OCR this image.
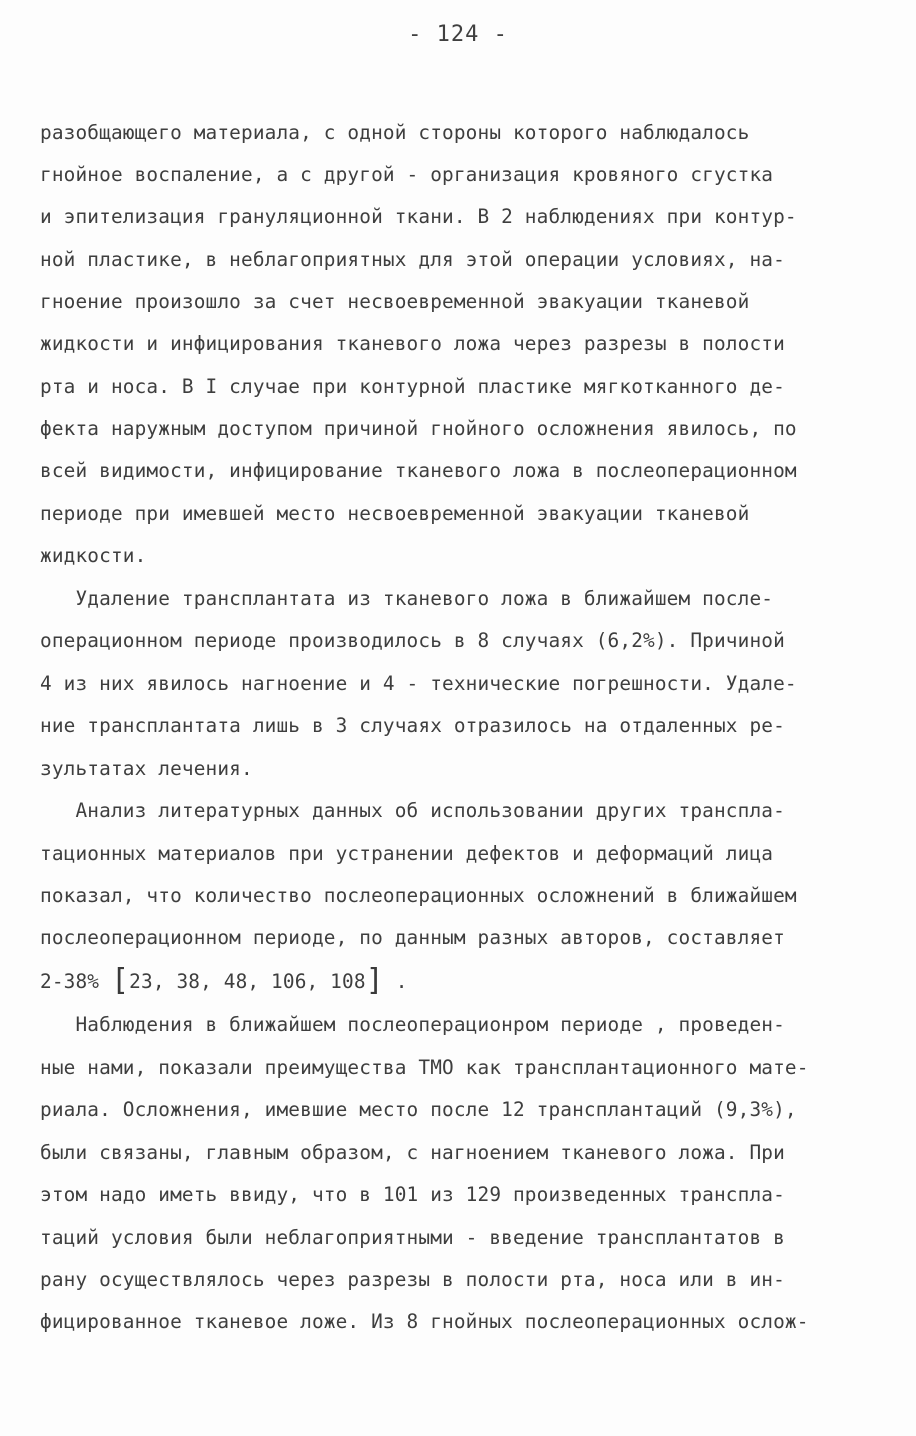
- 124 -
разобщающего материала, с одной стороны которого наблюдалось
гнойное воспаление, а с другой - организация кровяного сгустка
и эпителизация грануляционной ткани. В 2 наблюдениях при контур-
ной пластике, в неблагоприятных для этой операции условиях, на-
гноение произошло за счет несвоевременной эвакуации тканевой
жидкости и инфицирования тканевого ложа через разрезы в полости
рта и носа. В I случае при контурной пластике мягкотканного де-
фекта наружным доступом причиной гнойного осложнения явилось, по
всей видимости, инфицирование тканевого ложа в послеоперационном
периоде при имевшей место несвоевременной эвакуации тканевой
жидкости.
Удаление трансплантата из тканевого ложа в ближайшем после-
операционном периоде производилось в 8 случаях (6,2%). Причиной
4 из них явилось нагноение и 4 - технические погрешности. Удале-
ние трансплантата лишь в 3 случаях отразилось на отдаленных ре-
зультатах лечения.
Анализ литературных данных об использовании других транспла-
тационных материалов при устранении дефектов и деформаций лица
показал, что количество послеоперационных осложнений в ближайшем
послеоперационном периоде, по данным разных авторов, составляет
2-38% [23, 38, 48, 106, 108] .
Наблюдения в ближайшем послеоперационром периоде , проведен-
ные нами, показали преимущества ТМО как трансплантационного мате-
риала. Осложнения, имевшие место после 12 трансплантаций (9,3%),
были связаны, главным образом, с нагноением тканевого ложа. При
этом надо иметь ввиду, что в 101 из 129 произведенных транспла-
таций условия были неблагоприятными - введение трансплантатов в
рану осуществлялось через разрезы в полости рта, носа или в ин-
фицированное тканевое ложе. Из 8 гнойных послеоперационных ослож-
